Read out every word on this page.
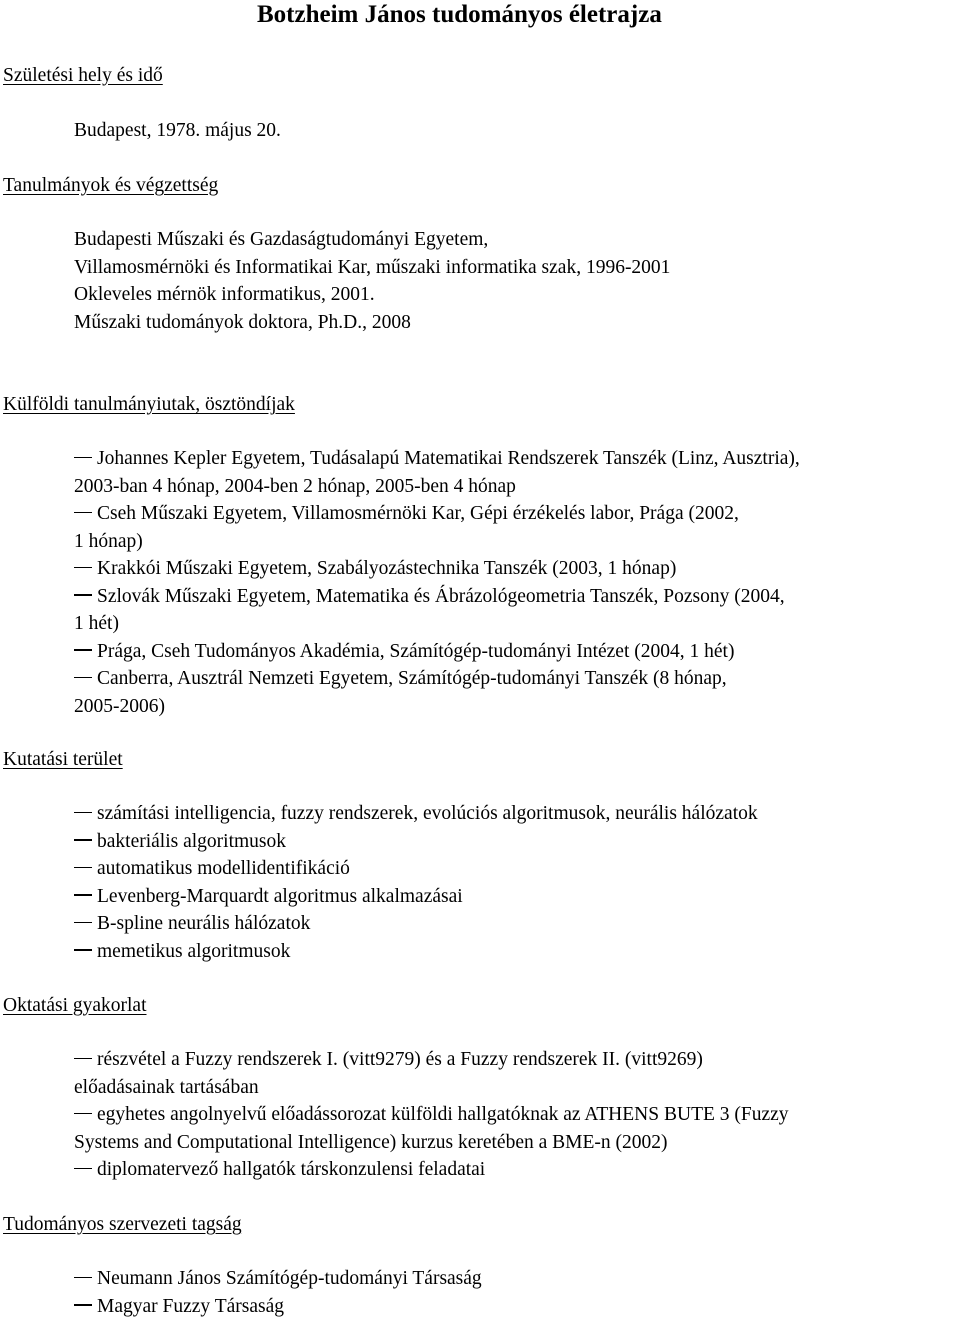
Botzheim János tudományos életrajza
Születési hely és idő
Budapest, 1978. május 20.
Tanulmányok és végzettség
Budapesti Műszaki és Gazdaságtudományi Egyetem,
Villamosmérnöki és Informatikai Kar, műszaki informatika szak, 1996-2001
Okleveles mérnök informatikus, 2001.
Műszaki tudományok doktora, Ph.D., 2008
Külföldi tanulmányiutak, ösztöndíjak
Johannes Kepler Egyetem, Tudásalapú Matematikai Rendszerek Tanszék (Linz, Ausztria),
2003-ban 4 hónap, 2004-ben 2 hónap, 2005-ben 4 hónap
Cseh Műszaki Egyetem, Villamosmérnöki Kar, Gépi érzékelés labor, Prága (2002,
1 hónap)
Krakkói Műszaki Egyetem, Szabályozástechnika Tanszék (2003, 1 hónap)
Szlovák Műszaki Egyetem, Matematika és Ábrázológeometria Tanszék, Pozsony (2004,
1 hét)
Prága, Cseh Tudományos Akadémia, Számítógép-tudományi Intézet (2004, 1 hét)
Canberra, Ausztrál Nemzeti Egyetem, Számítógép-tudományi Tanszék (8 hónap,
2005-2006)
Kutatási terület
számítási intelligencia, fuzzy rendszerek, evolúciós algoritmusok, neurális hálózatok
bakteriális algoritmusok
automatikus modellidentifikáció
Levenberg-Marquardt algoritmus alkalmazásai
B-spline neurális hálózatok
memetikus algoritmusok
Oktatási gyakorlat
részvétel a Fuzzy rendszerek I. (vitt9279) és a Fuzzy rendszerek II. (vitt9269)
előadásainak tartásában
egyhetes angolnyelvű előadássorozat külföldi hallgatóknak az ATHENS BUTE 3 (Fuzzy
Systems and Computational Intelligence) kurzus keretében a BME-n (2002)
diplomatervező hallgatók társkonzulensi feladatai
Tudományos szervezeti tagság
Neumann János Számítógép-tudományi Társaság
Magyar Fuzzy Társaság
